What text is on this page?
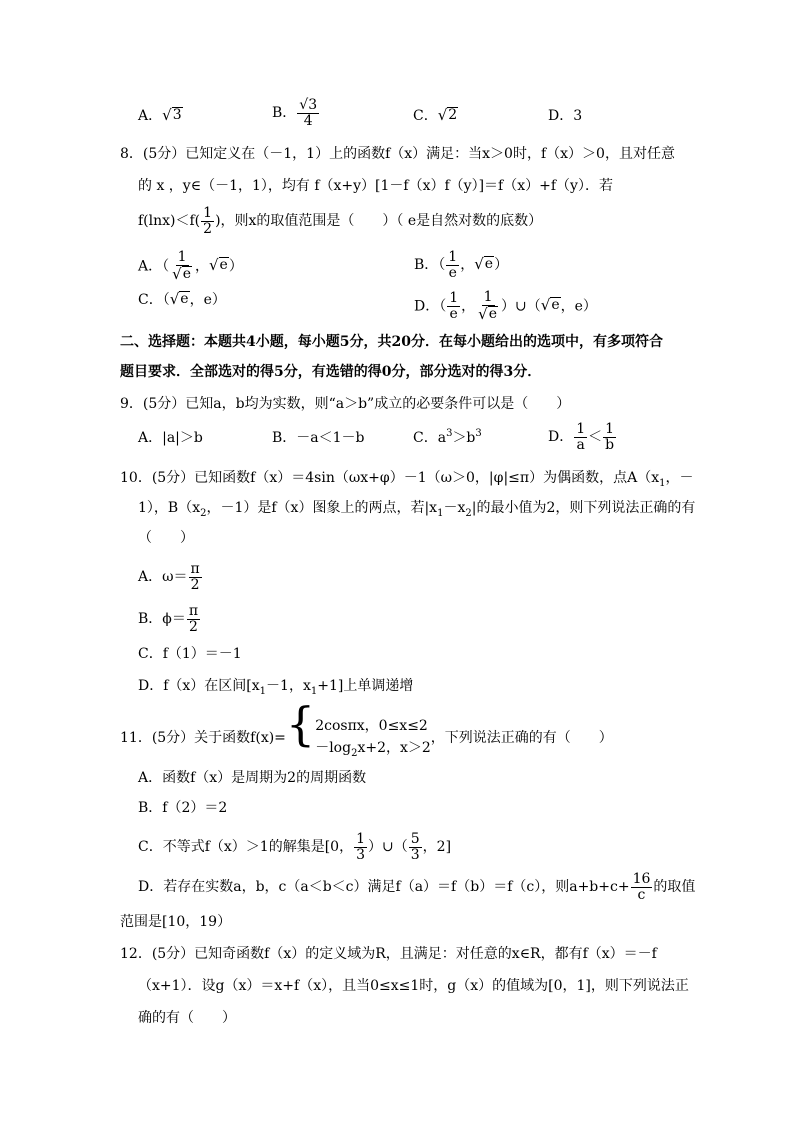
A． √ 3	B． $\frac{√3}{4}$	C． √ 2	D．3
8．(5分）已知定义在（－1，1）上的函数f（x）满足：当x＞0时，f（x）＞0，且对任意
的 x ，y∈（－1，1），均有 f（x+y）[1－f（x）f（y）]＝f（x）+f（y）．若
$f(\ln x)<f( \frac{1}{2}$ )，则x的取值范围是（　　）（ e是自然对数的底数）
A．（ $\frac{1}{√ e}$ ， √ e ）	B．（ $\frac{1}{e}$ ， √ e ）
C．（ √ e ，e）	D．（ $\frac{1}{e}$ ， $\frac{1}{√ e}$ ）∪（ √ e ，e）
二、选择题：本题共4小题，每小题5分，共20分．在每小题给出的选项中，有多项符合
题目要求．全部选对的得5分，有选错的得0分，部分选对的得3分．
9．(5分）已知a，b均为实数，则“a＞b”成立的必要条件可以是（　　）
A．|a|＞b	B．－a＜1－b	C．$a^3>b^3$	D． $\frac{1}{a} < \frac{1}{b}$
10．(5分）已知函数f（x）＝4sin（ωx+φ）－1（ω＞0，|φ|≤π）为偶函数，点$A(x_1$，－
1），$B(x_2$，－1）是f（x）图象上的两点，若$|x_1-x_2|$的最小值为2，则下列说法正确的有
（　　）
A．$\omega= \frac{\pi}{2}$
B．$\phi= \frac{\pi}{2}$
C．f（1）＝－1
D．f（x）在区间[$x_1-1$，$x_1+1$]上单调递增
11．(5分）关于函数f(x)={2cosπx，0≤x≤2
$-\log_2x+2$，x＞2，下列说法正确的有（　　）
A．函数f（x）是周期为2的周期函数
B．f（2）＝2
C．不等式f（x）＞1的解集是[0， $\frac{1}{3}$ ）∪（ $\frac{5}{3}$ ，2]
D．若存在实数a，b，c（a＜b＜c）满足f（a）＝f（b）＝f（c），则$a+b+c+ \frac{16}{c}$ 的取值
范围是[10，19）
12．(5分）已知奇函数f（x）的定义域为R，且满足：对任意的x∈R，都有f（x）＝－f
（x+1）．设g（x）＝x+f（x），且当0≤x≤1时，g（x）的值域为[0，1]，则下列说法正
确的有（　　）
